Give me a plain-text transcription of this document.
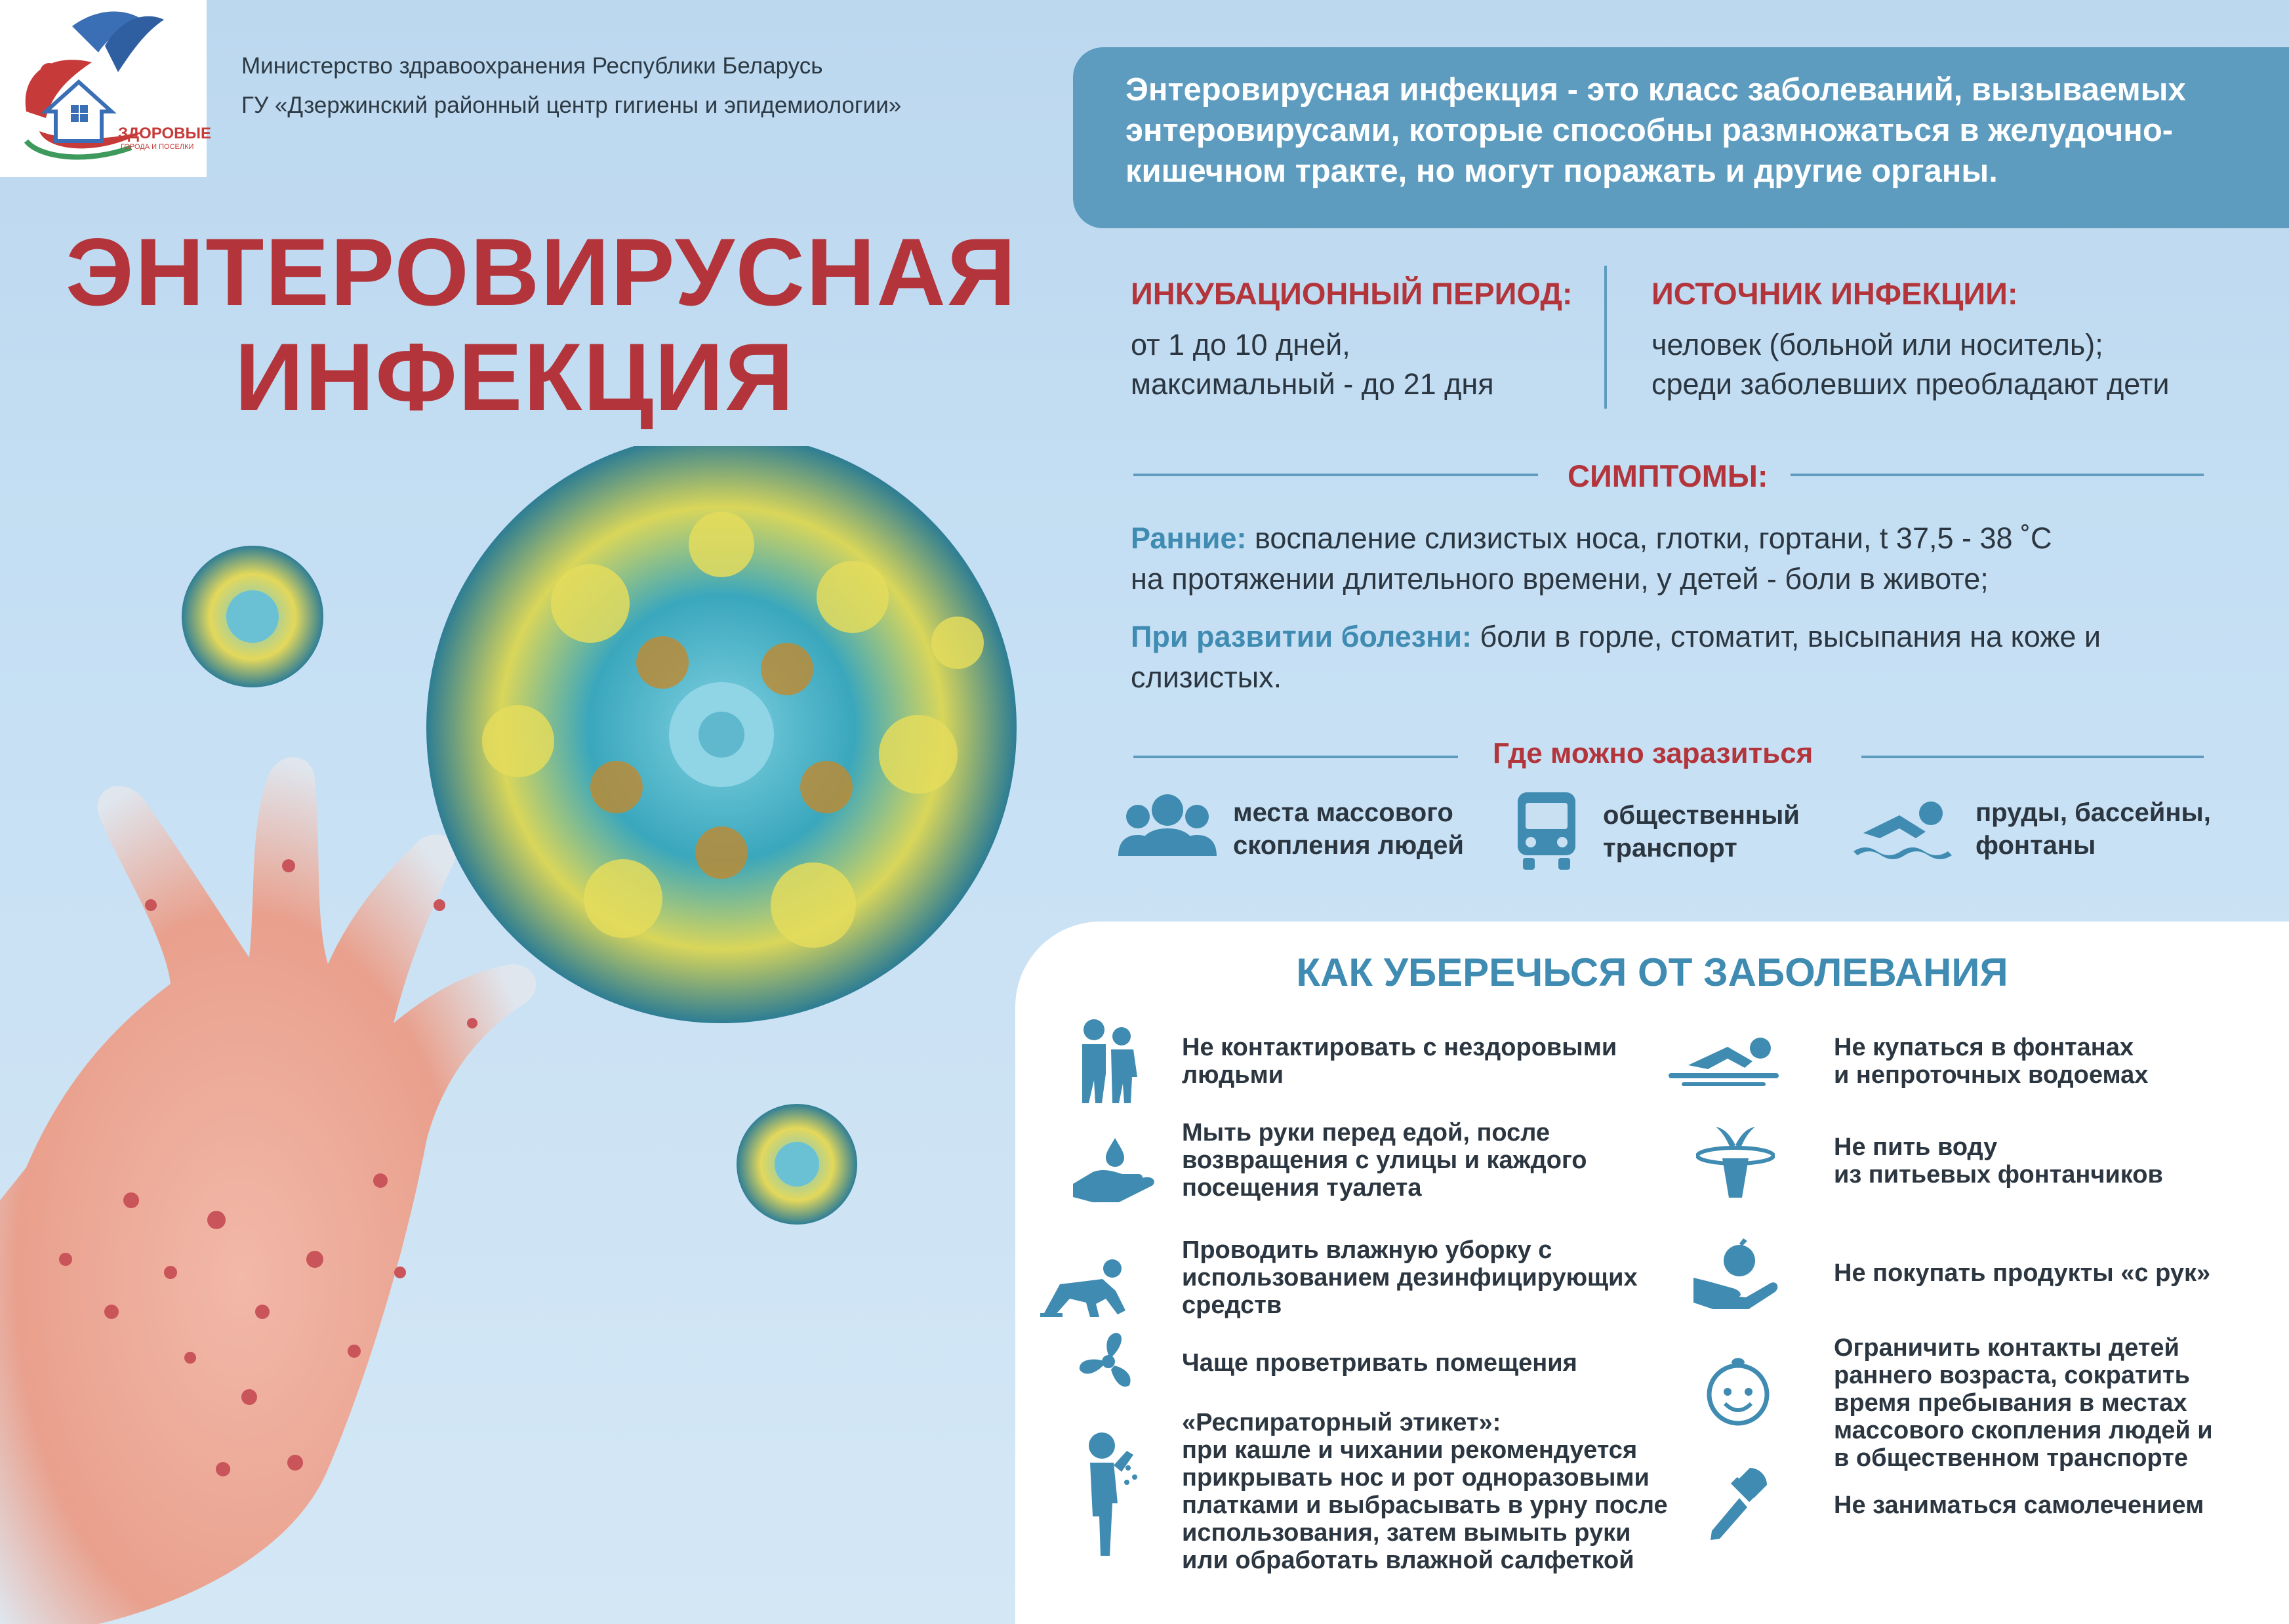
ЗДОРОВЫЕ
ГОРОДА И ПОСЕЛКИ
Министерство здравоохранения Республики Беларусь
ГУ «Дзержинский районный центр гигиены и эпидемиологии»
ЭНТЕРОВИРУСНАЯ
ИНФЕКЦИЯ
Энтеровирусная инфекция - это класс заболеваний, вызываемых энтеровирусами, которые способны размножаться в желудочно-кишечном тракте, но могут поражать и другие органы.
ИНКУБАЦИОННЫЙ ПЕРИОД:
от 1 до 10 дней,
максимальный - до 21 дня
ИСТОЧНИК ИНФЕКЦИИ:
человек (больной или носитель);
среди заболевших преобладают дети
СИМПТОМЫ:
Ранние: воспаление слизистых носа, глотки, гортани, t 37,5 - 38 ˚C
на протяжении длительного времени, у детей - боли в животе;
При развитии болезни: боли в горле, стоматит, высыпания на коже и
слизистых.
Где можно заразиться
места массового
скопления людей
общественный
транспорт
пруды, бассейны,
фонтаны
КАК УБЕРЕЧЬСЯ ОТ ЗАБОЛЕВАНИЯ
Не контактировать с нездоровыми
людьми
Мыть руки перед едой, после
возвращения с улицы и каждого
посещения туалета
Проводить влажную уборку с
использованием дезинфицирующих
средств
Чаще проветривать помещения
«Респираторный этикет»:
при кашле и чихании рекомендуется
прикрывать нос и рот одноразовыми
платками и выбрасывать в урну после
использования, затем вымыть руки
или обработать влажной салфеткой
Не купаться в фонтанах
и непроточных водоемах
Не пить воду
из питьевых фонтанчиков
Не покупать продукты «с рук»
Ограничить контакты детей
раннего возраста, сократить
время пребывания в местах
массового скопления людей и
в общественном транспорте
Не заниматься самолечением
